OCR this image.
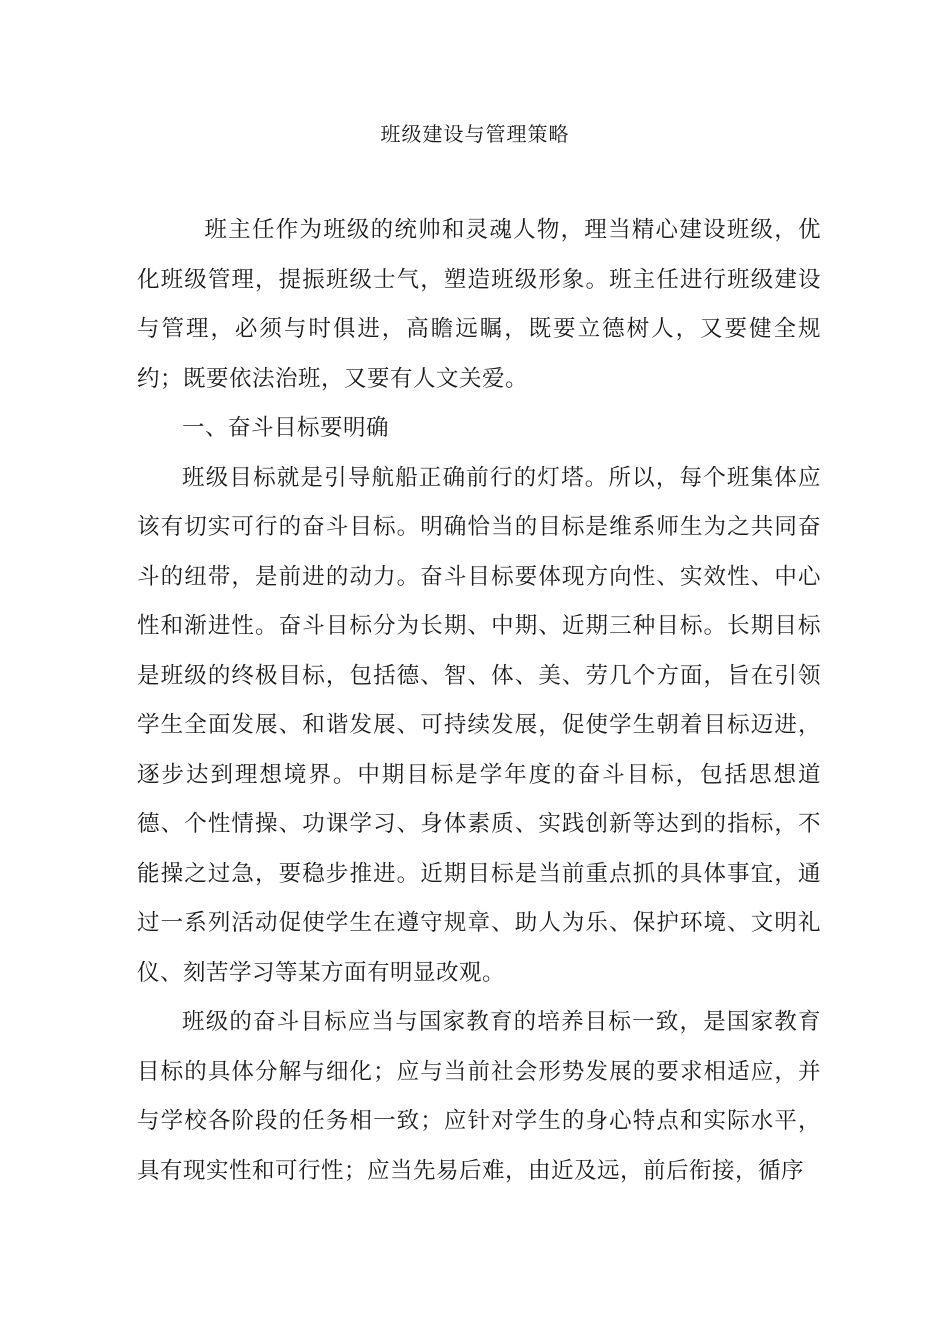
班级建设与管理策略

班主任作为班级的统帅和灵魂人物，理当精心建设班级，优化班级管理，提振班级士气，塑造班级形象。班主任进行班级建设与管理，必须与时俱进，高瞻远瞩，既要立德树人，又要健全规约；既要依法治班，又要有人文关爱。

一、奋斗目标要明确

班级目标就是引导航船正确前行的灯塔。所以，每个班集体应该有切实可行的奋斗目标。明确恰当的目标是维系师生为之共同奋斗的纽带，是前进的动力。奋斗目标要体现方向性、实效性、中心性和渐进性。奋斗目标分为长期、中期、近期三种目标。长期目标是班级的终极目标，包括德、智、体、美、劳几个方面，旨在引领学生全面发展、和谐发展、可持续发展，促使学生朝着目标迈进，逐步达到理想境界。中期目标是学年度的奋斗目标，包括思想道德、个性情操、功课学习、身体素质、实践创新等达到的指标，不能操之过急，要稳步推进。近期目标是当前重点抓的具体事宜，通过一系列活动促使学生在遵守规章、助人为乐、保护环境、文明礼仪、刻苦学习等某方面有明显改观。

班级的奋斗目标应当与国家教育的培养目标一致，是国家教育目标的具体分解与细化；应与当前社会形势发展的要求相适应，并与学校各阶段的任务相一致；应针对学生的身心特点和实际水平，具有现实性和可行性；应当先易后难，由近及远，前后衔接，循序
